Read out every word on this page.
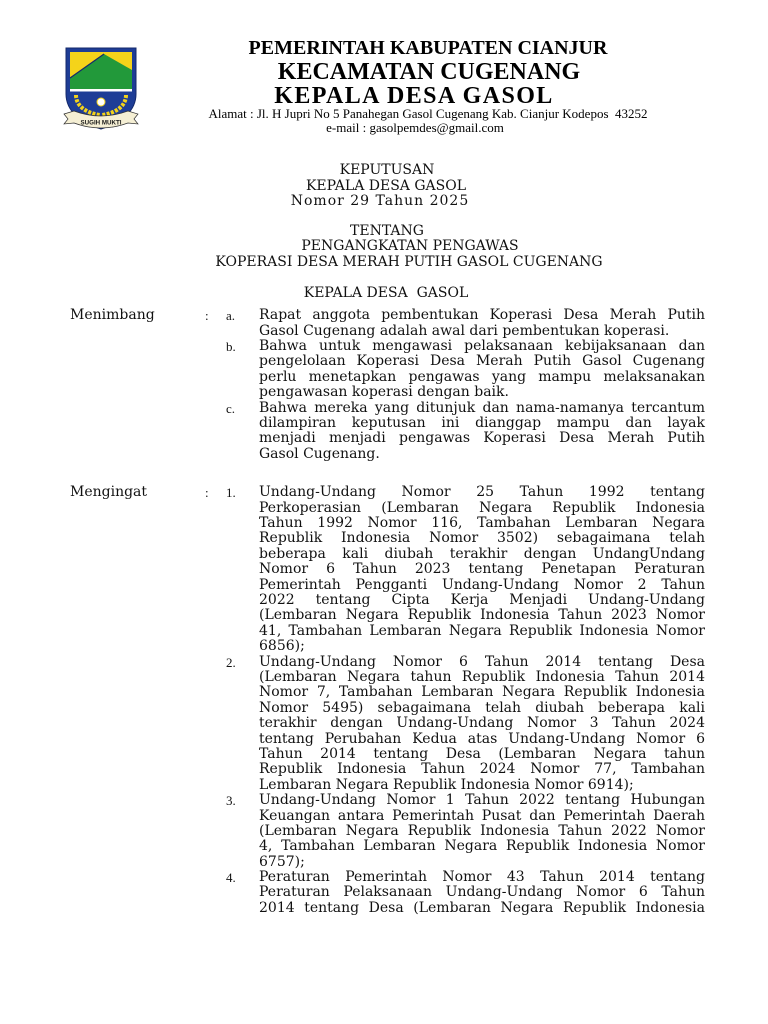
SUGIH MUKTI
PEMERINTAH KABUPATEN CIANJUR
KECAMATAN CUGENANG
KEPALA DESA GASOL
Alamat : Jl. H Jupri No 5 Panahegan Gasol Cugenang Kab. Cianjur Kodepos  43252
e-mail : gasolpemdes@gmail.com
KEPUTUSAN
KEPALA DESA GASOL
Nomor 29 Tahun 2025
TENTANG
PENGANGKATAN PENGAWAS
KOPERASI DESA MERAH PUTIH GASOL CUGENANG
KEPALA DESA  GASOL
Menimbang	:	a.	Rapat anggota pembentukan Koperasi Desa Merah Putih
Gasol Cugenang adalah awal dari pembentukan koperasi.
b.	Bahwa untuk mengawasi pelaksanaan kebijaksanaan dan
pengelolaan Koperasi Desa Merah Putih Gasol Cugenang
perlu menetapkan pengawas yang mampu melaksanakan
pengawasan koperasi dengan baik.
c.	Bahwa mereka yang ditunjuk dan nama-namanya tercantum
dilampiran keputusan ini dianggap mampu dan layak
menjadi menjadi pengawas Koperasi Desa Merah Putih
Gasol Cugenang.
Mengingat	:	1.	Undang-Undang Nomor 25 Tahun 1992 tentang
Perkoperasian (Lembaran Negara Republik Indonesia
Tahun 1992 Nomor 116, Tambahan Lembaran Negara
Republik Indonesia Nomor 3502) sebagaimana telah
beberapa kali diubah terakhir dengan UndangUndang
Nomor 6 Tahun 2023 tentang Penetapan Peraturan
Pemerintah Pengganti Undang-Undang Nomor 2 Tahun
2022 tentang Cipta Kerja Menjadi Undang-Undang
(Lembaran Negara Republik Indonesia Tahun 2023 Nomor
41, Tambahan Lembaran Negara Republik Indonesia Nomor
6856);
2.	Undang-Undang Nomor 6 Tahun 2014 tentang Desa
(Lembaran Negara tahun Republik Indonesia Tahun 2014
Nomor 7, Tambahan Lembaran Negara Republik Indonesia
Nomor 5495) sebagaimana telah diubah beberapa kali
terakhir dengan Undang-Undang Nomor 3 Tahun 2024
tentang Perubahan Kedua atas Undang-Undang Nomor 6
Tahun 2014 tentang Desa (Lembaran Negara tahun
Republik Indonesia Tahun 2024 Nomor 77, Tambahan
Lembaran Negara Republik Indonesia Nomor 6914);
3.	Undang-Undang Nomor 1 Tahun 2022 tentang Hubungan
Keuangan antara Pemerintah Pusat dan Pemerintah Daerah
(Lembaran Negara Republik Indonesia Tahun 2022 Nomor
4, Tambahan Lembaran Negara Republik Indonesia Nomor
6757);
4.	Peraturan Pemerintah Nomor 43 Tahun 2014 tentang
Peraturan Pelaksanaan Undang-Undang Nomor 6 Tahun
2014 tentang Desa (Lembaran Negara Republik Indonesia
